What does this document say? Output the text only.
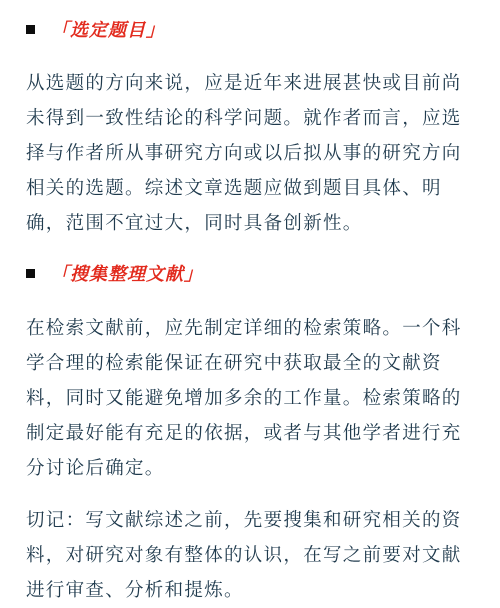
「选定题目」
从选题的方向来说，应是近年来进展甚快或目前尚
未得到一致性结论的科学问题。就作者而言，应选
择与作者所从事研究方向或以后拟从事的研究方向
相关的选题。综述文章选题应做到题目具体、明
确，范围不宜过大，同时具备创新性。
「搜集整理文献」
在检索文献前，应先制定详细的检索策略。一个科
学合理的检索能保证在研究中获取最全的文献资
料，同时又能避免增加多余的工作量。检索策略的
制定最好能有充足的依据，或者与其他学者进行充
分讨论后确定。
切记：写文献综述之前，先要搜集和研究相关的资
料，对研究对象有整体的认识，在写之前要对文献
进行审查、分析和提炼。
